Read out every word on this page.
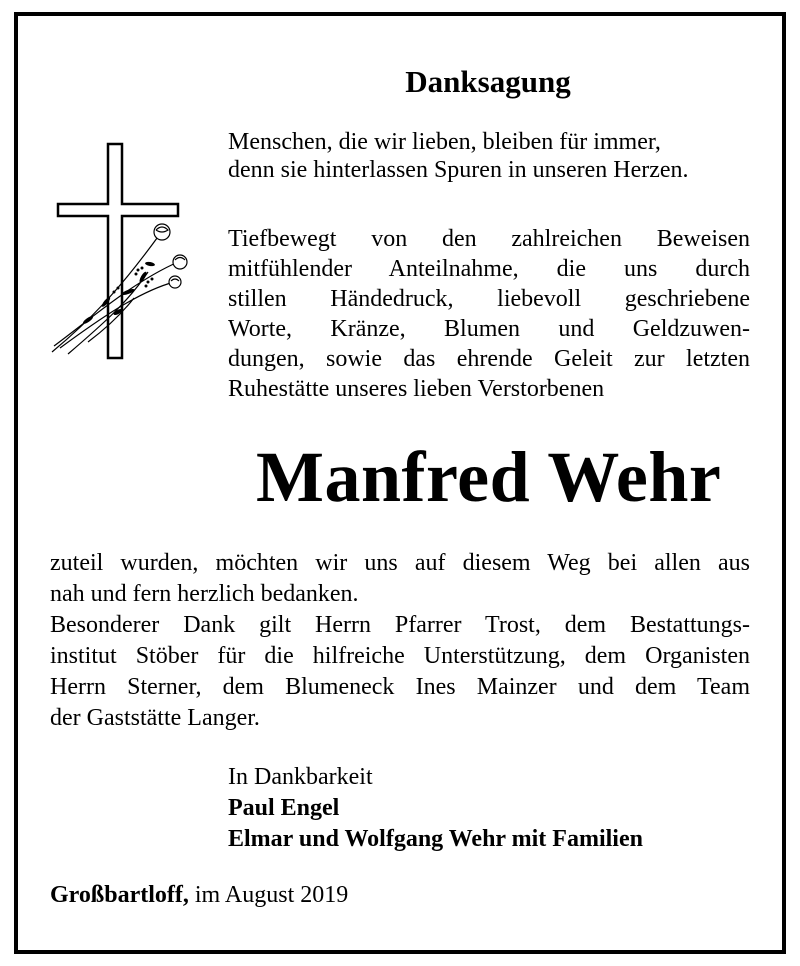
Danksagung
Menschen, die wir lieben, bleiben für immer,
denn sie hinterlassen Spuren in unseren Herzen.
Tiefbewegt von den zahlreichen Beweisen
mitfühlender Anteilnahme, die uns durch
stillen Händedruck, liebevoll geschriebene
Worte, Kränze, Blumen und Geldzuwen-
dungen, sowie das ehrende Geleit zur letzten
Ruhestätte unseres lieben Verstorbenen
Manfred Wehr
zuteil wurden, möchten wir uns auf diesem Weg bei allen aus
nah und fern herzlich bedanken.
Besonderer Dank gilt Herrn Pfarrer Trost, dem Bestattungs-
institut Stöber für die hilfreiche Unterstützung, dem Organisten
Herrn Sterner, dem Blumeneck Ines Mainzer und dem Team
der Gaststätte Langer.
In Dankbarkeit
Paul Engel
Elmar und Wolfgang Wehr mit Familien
Großbartloff, im August 2019
